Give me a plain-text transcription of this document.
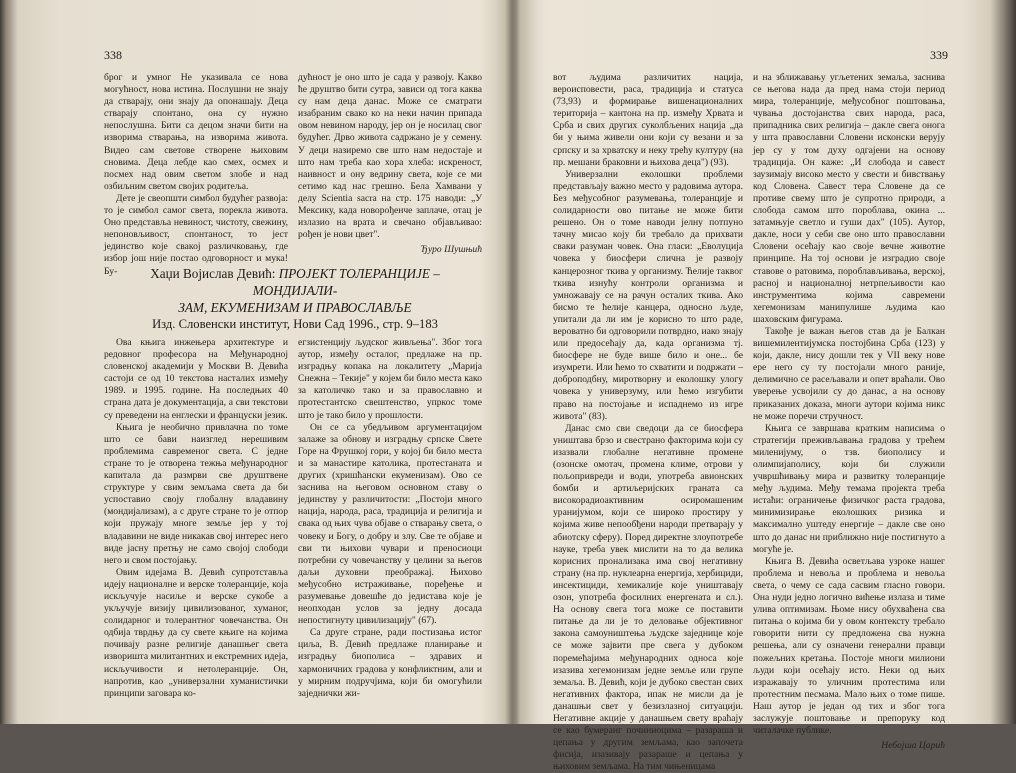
338	339

брог и умног Не указивала се нова могућност, нова истина. Послушни не знају да стварају, они знају да опонашају. Деца стварају спонтано, она су нужно непослушна. Бити са децом значи бити на изворима стварања, на изворима живота. Видео сам светове створене њиховим сновима. Деца лебде као смех, осмех и посмех над овим светом злобе и над озбиљним светом својих родитеља.

Дете је свеопшти симбол будућег развоја: то је симбол самог света, порекла живота. Оно представља невиност, чистоту, свежину, непоновљивост, спонтаност, то јест јединство које свакој различковању, где избор још није постао одговорност и мука! Бу-

дућност је оно што је сада у развоју. Какво ће друштво бити сутра, зависи од тога каква су нам деца данас. Може се сматрати изабраним свако ко на неки начин припада овом невином народу, јер он је носилац свог будућег. Дрво живота садржано је у семену. У деци назиремо све што нам недостаје и што нам треба као хора хлеба: искреност, наивност и ону ведрину света, које се ми сетимо кад нас грешно. Бела Хамвани у делу Scientia sacra на стр. 175 наводи: „У Мексику, када новорођенче заплаче, отац је излазио на врата и свечано објављивао: рођен је нови цвет".

Ђуро Шушњић

Хаџи Војислав Девић: ПРОЈЕКТ ТОЛЕРАНЦИЈЕ – МОНДИЈАЛИ-
ЗАМ, ЕКУМЕНИЗАМ И ПРАВОСЛАВЉЕ
Изд. Словенски институт, Нови Сад 1996., стр. 9–183

Ова књига инжењера архитектуре и редовног професора на Међународној словенској академији у Москви В. Девића састоји се од 10 текстова насталих између 1989. и 1995. године. На последњих 40 страна дата је документација, а сви текстови су преведени на енглески и француски језик.

Књига је необично привлачна по томе што се бави наизглед нерешивим проблемима савременог света. С једне стране то је отворена тежња међународног капитала да размрви све друштвене структуре у свим земљама света да би успоставио своју глобалну владавину (мондијализам), а с друге стране то је отпор који пружају многе земље јер у тој владавини не виде никакав свој интерес него виде јасну претњу не само својој слободи него и свом постојању.

Овим идејама В. Девић супротставља идеју националне и верске толеранције, која искључује насиље и верске сукобе а укључује визију цивилизованог, хуманог, солидарног и толерантног човечанства. Он одбија тврдњу да су свете књиге на којима почивају разне религије данашњег света изворишта милитантних и екстремних идеја, искључивости и нетолеранције. Он, напротив, као „универзални хуманистички принципи заговара ко-

егзистенцију људског живљења". Због тога аутор, између осталог, предлаже на пр. изградњу копака на локалитету „Марија Снежна – Текије" у којем би било места како за католичко тако и за православно и протестантско свештенство, упркос томе што је тако било у прошлости.

Он се са убедљивом аргументацијом залаже за обнову и изградњу српске Свете Горе на Фрушкој гори, у којој би било места и за манастире католика, протестаната и других (хришћански екуменизам). Ово се заснива на његовом основном ставу о јединству у различитости: „Постоји много нација, народа, раса, традиција и религија и свака од њих чува објаве о стварању света, о човеку и Богу, о добру и злу. Све те објаве и сви ти њихови чувари и преносиоци потребни су човечанству у целини за његов даљи духовни преображај. Њихово међусобно истраживање, поређење и разумевање довешће до једистава које је неопходан услов за једну досада непостигнуту цивилизацију" (67).

Са друге стране, ради постизања истог циља, В. Девић предлаже планирање и изградњу биополиса – здравих и хармоничних градова у конфликтним, али и у мирним подручјима, који би омогућили заједнички жи-

вот људима различитих нација, вероисповести, раса, традиција и статуса (73,93) и формирање вишенационалних територија – кантона на пр. између Хрвата и Срба и свих других суколбљених нација „да би у њима живели они који су везани и за српску и за хрватску и неку трећу културу (на пр. мешани браковни и њихова деца") (93).

Универзални еколошки проблеми представљају важно место у радовима аутора. Без међусобног разумевања, толеранције и солидарности ово питање не може бити решено. Он о томе наводи јелну потпуно тачну мисао коју би требало да прихвати сваки разуман човек. Она гласи: „Еволуција човека у биосфери слична је развоју канцерозног ткива у организму. Ћелије таквог ткива изнућу контроли организма и умножавају се на рачун осталих ткива. Ако бисмо те ћелије канцера, односно људе, упитали да ли им је корисно то што раде, вероватно би одговорили потврдно, иако знају или предосећају да, када организма тј. биосфере не буде више било и оне... бе изумрети. Или ћемо то схватити и подржати – доброподбну, миротворну и еколошку улогу човека у универзуму, или ћемо изгубити право на постојање и испаднемо из игре живота" (83).

Данас смо сви сведоци да се биосфера уништава брзо и свестрано факторима који су изазвали глобалне негативне промене (озонске омотач, промена климе, отрови у пољопривреди и води, употреба авионских бомби и артиљеријских граната са високорадиоактивним осиромашеним уранијумом, који се широко простиру у којима живе непообђени народи претварају у абиотску сферу). Поред директне злоупотребе науке, треба увек мислити на то да велика корисних пронализака има свој негативну страну (на пр. нуклеарна енергија, хербициди, инсектициди, хемикалије које уништавају озон, употреба фосилних енергената и сл.). На основу свега тога може се поставити питање да ли је то деловање објективног закона самоуништења људске заједнице које се може зајвити пре свега у дубоком поремећајима међународних односа које изазива хегемонизам једне земље или групе земаља. В. Девић, који је дубоко свестан свих негативних фактора, ипак не мисли да је данашњи свет у безизлазној ситуацији. Негативне акције у данашњем свету враћају се као бумеранг починиоцима – разараша и цепања у другим земљама, као започета фисија, изазивају разараше и цепања у њиховим земљама. На тим чињеницама

и на зближавању угљетених земаља, заснива се његова нада да пред нама стоји период мира, толеранције, међусобног поштовања, чувања достојанства свих народа, раса, припадника свих религија – дакле свега онога у шта православни Словени исконски верују јер су у том духу одгајени на основу традиција. Он каже: „И слобода и савест заузимају високо место у свести и бивствању код Словена. Савест тера Словене да се противе свему што је супротно природи, а слобода самом што пороблава, окина ... затамњује светло и гуши дах" (105). Аутор, дакле, носи у себи све оно што православни Словени осећају као своје вечне животне принципе. На тој основи је изградио своје ставове о ратовима, пороблављивања, верској, расној и националној нетрпељивости као инструментима којима савремени хегемонизам манипулише људима као шаховским фигурама.

Такође је важан његов став да је Балкан вишемилентијумска постојбина Срба (123) у који, дакле, нису дошли тек у VII веку нове ере него су ту постојали много раније, делимично се расељавали и опет враћали. Ово уверење усвојили су до данас, а на основу приказаних доказа, многи аутори којима никс не може поречи стручност.

Књига се завршава кратким написима о стратегији преживљавања градова у трећем миленијуму, о тзв. биополису и олимпијаполису, који би служили учвршћивању мира и развитку толеранције међу људима. Међу темама пројекта треба истаћи: ограничење физичког раста градова, минимизирање еколошких ризика и максимално уштеду енергије – дакле све оно што до данас ни приближно није постигнуто а могуће је.

Књига В. Девића осветљава узроке нашег проблема и невоља и проблема и невоља света, о чему се сада сасвим гласно говори. Она нуди једно логично вићење излаза и тиме улива оптимизам. Њоме нису обухваћена сва питања о којима би у овом контексту требало говорити нити су предложена сва нужна решења, али су означени генерални правци пожељних кретања. Постоје многи милиони људи који осећају исто. Неки од њих изражавају то уличним протестима или протестним песмама. Мало њих о томе пише. Наш аутор је један од тих и због тога заслужује поштовање и препоруку код читалачке публике.

Небојша Царић
